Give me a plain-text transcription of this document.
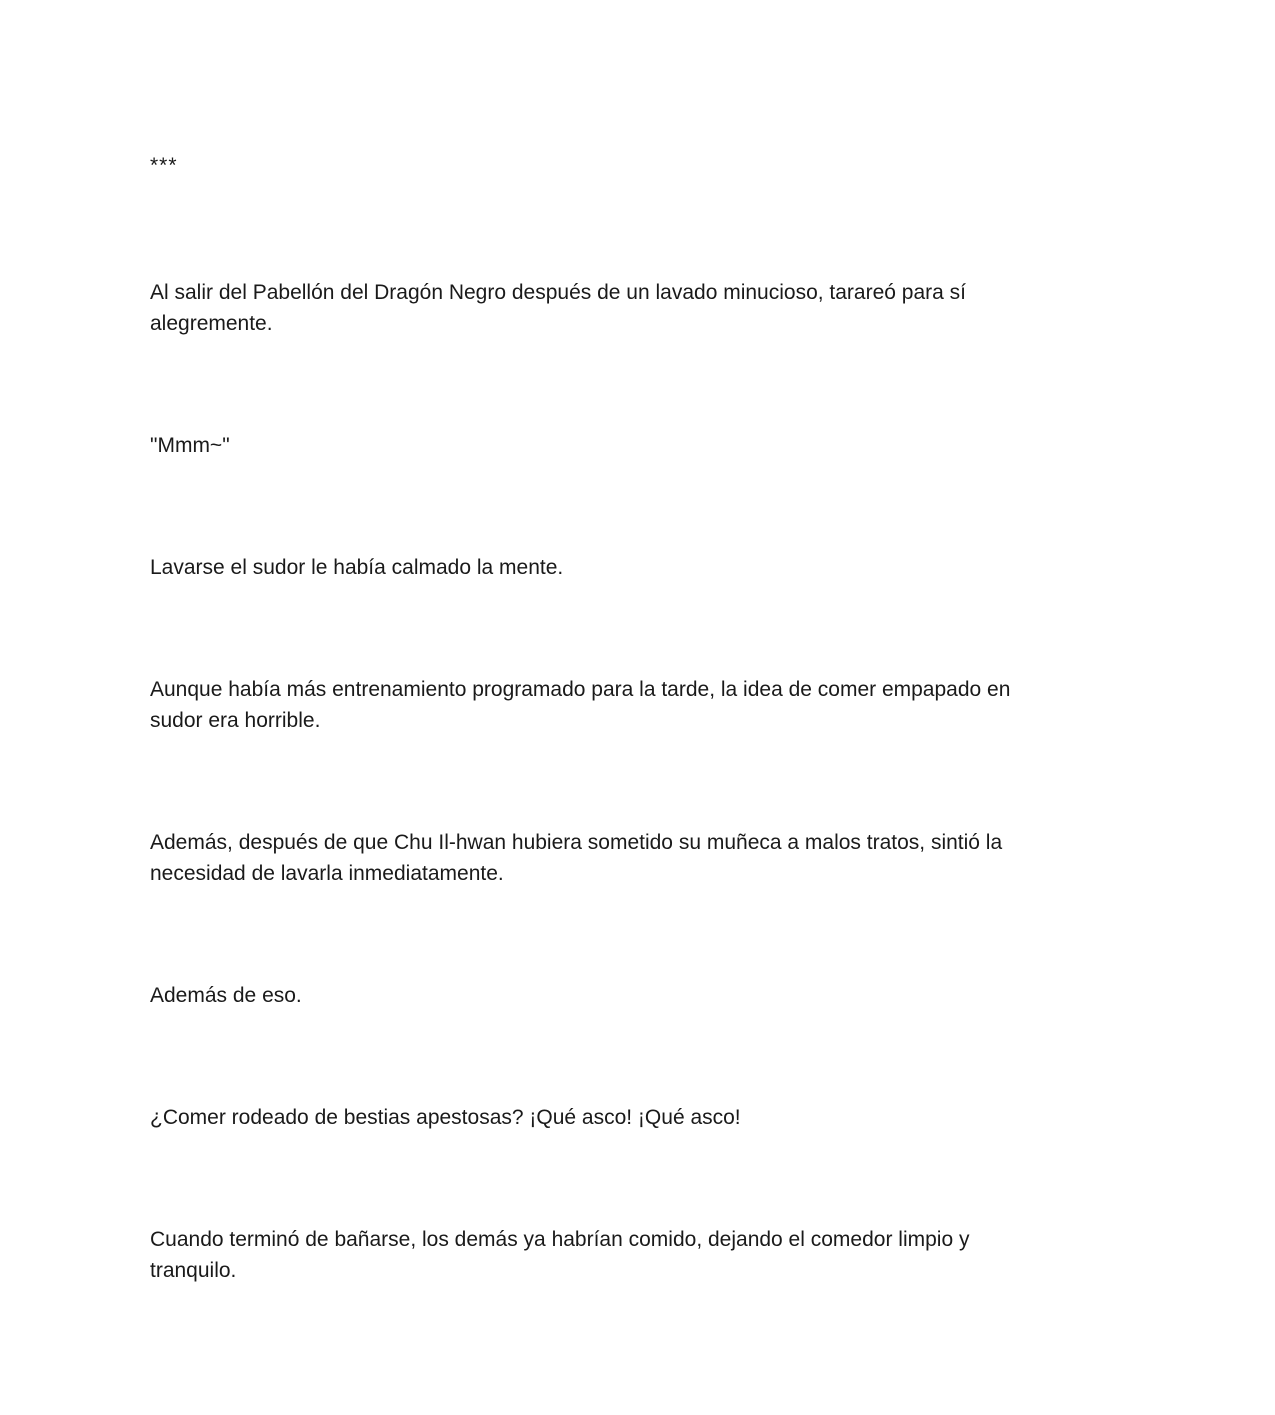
***

Al salir del Pabellón del Dragón Negro después de un lavado minucioso, tarareó para sí
alegremente.

"Mmm~"

Lavarse el sudor le había calmado la mente.

Aunque había más entrenamiento programado para la tarde, la idea de comer empapado en
sudor era horrible.

Además, después de que Chu Il-hwan hubiera sometido su muñeca a malos tratos, sintió la
necesidad de lavarla inmediatamente.

Además de eso.

¿Comer rodeado de bestias apestosas? ¡Qué asco! ¡Qué asco!

Cuando terminó de bañarse, los demás ya habrían comido, dejando el comedor limpio y
tranquilo.
